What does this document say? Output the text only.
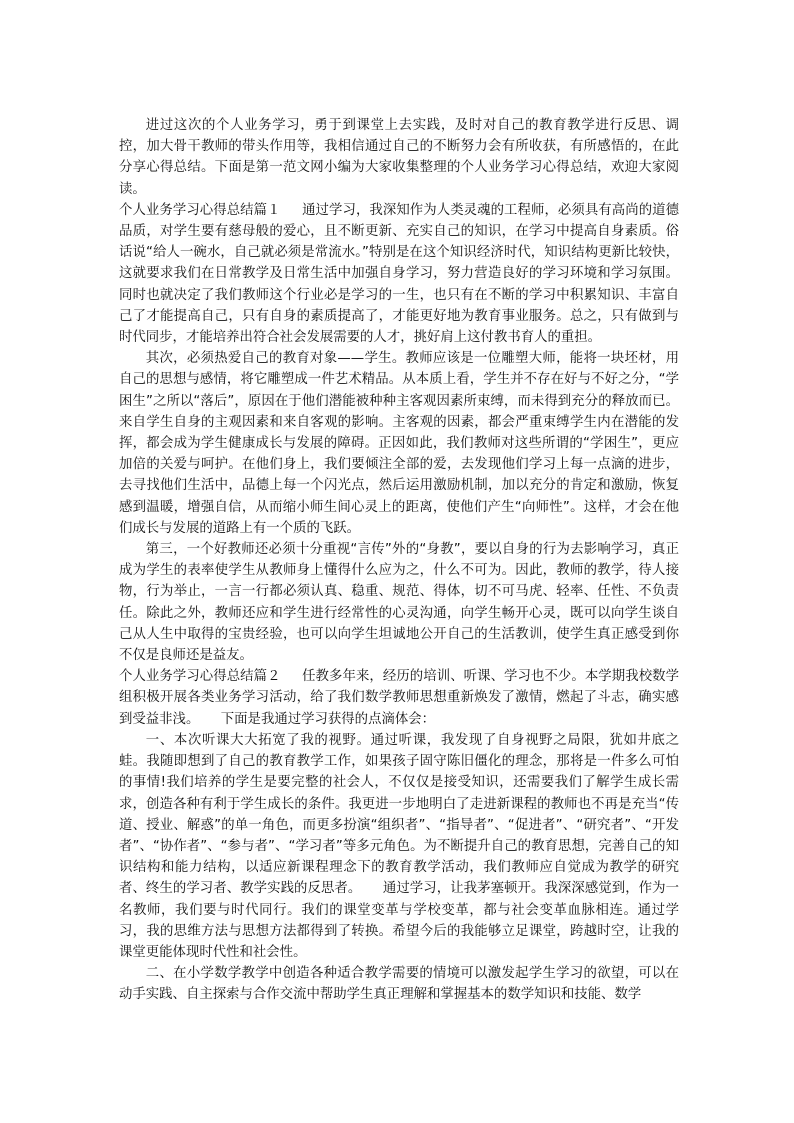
进过这次的个人业务学习，勇于到课堂上去实践，及时对自己的教育教学进行反思、调控，加大骨干教师的带头作用等，我相信通过自己的不断努力会有所收获，有所感悟的，在此分享心得总结。下面是第一范文网小编为大家收集整理的个人业务学习心得总结，欢迎大家阅读。

个人业务学习心得总结篇１ 通过学习，我深知作为人类灵魂的工程师，必须具有高尚的道德品质，对学生要有慈母般的爱心，且不断更新、充实自己的知识，在学习中提高自身素质。俗话说“给人一碗水，自己就必须是常流水。”特别是在这个知识经济时代，知识结构更新比较快，这就要求我们在日常教学及日常生活中加强自身学习，努力营造良好的学习环境和学习氛围。同时也就决定了我们教师这个行业必是学习的一生，也只有在不断的学习中积累知识、丰富自己了才能提高自己，只有自身的素质提高了，才能更好地为教育事业服务。总之，只有做到与时代同步，才能培养出符合社会发展需要的人才，挑好肩上这付教书育人的重担。

其次，必须热爱自己的教育对象——学生。教师应该是一位雕塑大师，能将一块坯材，用自己的思想与感情，将它雕塑成一件艺术精品。从本质上看，学生并不存在好与不好之分，“学困生”之所以“落后”，原因在于他们潜能被种种主客观因素所束缚，而未得到充分的释放而已。来自学生自身的主观因素和来自客观的影响。主客观的因素，都会严重束缚学生内在潜能的发挥，都会成为学生健康成长与发展的障碍。正因如此，我们教师对这些所谓的“学困生”，更应加倍的关爱与呵护。在他们身上，我们要倾注全部的爱，去发现他们学习上每一点滴的进步，去寻找他们生活中，品德上每一个闪光点，然后运用激励机制，加以充分的肯定和激励，恢复感到温暖，增强自信，从而缩小师生间心灵上的距离，使他们产生“向师性”。这样，才会在他们成长与发展的道路上有一个质的飞跃。

第三，一个好教师还必须十分重视“言传”外的“身教”，要以自身的行为去影响学习，真正成为学生的表率使学生从教师身上懂得什么应为之，什么不可为。因此，教师的教学，待人接物，行为举止，一言一行都必须认真、稳重、规范、得体，切不可马虎、轻率、任性、不负责任。除此之外，教师还应和学生进行经常性的心灵沟通，向学生畅开心灵，既可以向学生谈自己从人生中取得的宝贵经验，也可以向学生坦诚地公开自己的生活教训，使学生真正感受到你不仅是良师还是益友。

个人业务学习心得总结篇２ 任教多年来，经历的培训、听课、学习也不少。本学期我校数学组积极开展各类业务学习活动，给了我们数学教师思想重新焕发了激情，燃起了斗志，确实感到受益非浅。 下面是我通过学习获得的点滴体会：

一、本次听课大大拓宽了我的视野。通过听课，我发现了自身视野之局限，犹如井底之蛙。我随即想到了自己的教育教学工作，如果孩子固守陈旧僵化的理念，那将是一件多么可怕的事情!我们培养的学生是要完整的社会人，不仅仅是接受知识，还需要我们了解学生成长需求，创造各种有利于学生成长的条件。我更进一步地明白了走进新课程的教师也不再是充当“传道、授业、解惑”的单一角色，而更多扮演“组织者”、“指导者”、“促进者”、“研究者”、“开发者”、“协作者”、“参与者”、“学习者”等多元角色。为不断提升自己的教育思想，完善自己的知识结构和能力结构，以适应新课程理念下的教育教学活动，我们教师应自觉成为教学的研究者、终生的学习者、教学实践的反思者。 通过学习，让我茅塞顿开。我深深感觉到，作为一名教师，我们要与时代同行。我们的课堂变革与学校变革，都与社会变革血脉相连。通过学习，我的思维方法与思想方法都得到了转换。希望今后的我能够立足课堂，跨越时空，让我的课堂更能体现时代性和社会性。

二、在小学数学教学中创造各种适合教学需要的情境可以激发起学生学习的欲望，可以在动手实践、自主探索与合作交流中帮助学生真正理解和掌握基本的数学知识和技能、数学
